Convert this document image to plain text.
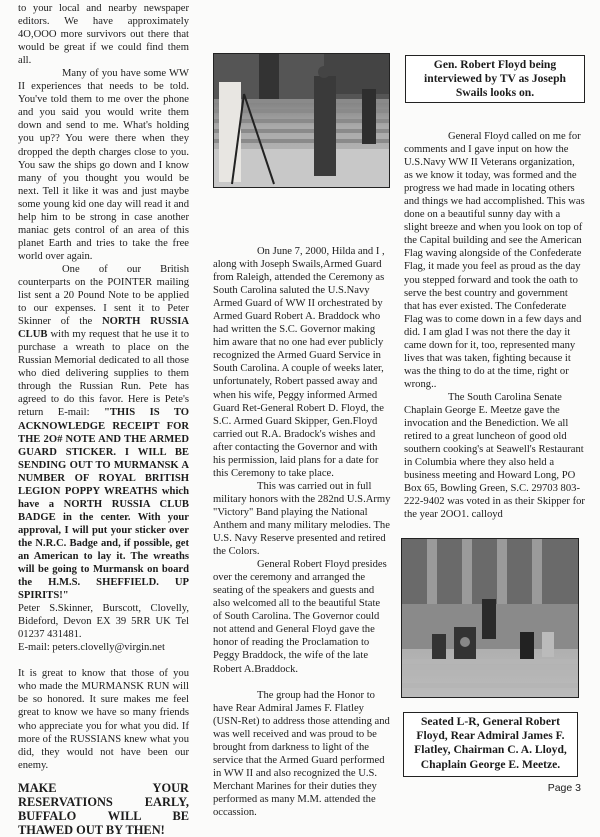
to your local and nearby newspaper editors. We have approximately 4O,OOO more survivors out there that would be great if we could find them all.

Many of you have some WW II experiences that needs to be told. You've told them to me over the phone and you said you would write them down and send to me. What's holding you up?? You were there when they dropped the depth charges close to you. You saw the ships go down and I know many of you thought you would be next. Tell it like it was and just maybe some young kid one day will read it and help him to be strong in case another maniac gets control of an area of this planet Earth and tries to take the free world over again.

One of our British counterparts on the POINTER mailing list sent a 20 Pound Note to be applied to our expenses. I sent it to Peter Skinner of the NORTH RUSSIA CLUB with my request that he use it to purchase a wreath to place on the Russian Memorial dedicated to all those who died delivering supplies to them through the Russian Run. Pete has agreed to do this favor. Here is Pete's return E-mail: "THIS IS TO ACKNOWLEDGE RECEIPT FOR THE 2O# NOTE AND THE ARMED GUARD STICKER. I WILL BE SENDING OUT TO MURMANSK A NUMBER OF ROYAL BRITISH LEGION POPPY WREATHS which have a NORTH RUSSIA CLUB BADGE in the center. With your approval, I will put your sticker over the N.R.C. Badge and, if possible, get an American to lay it. The wreaths will be going to Murmansk on board the H.M.S. SHEFFIELD. UP SPIRITS!"

Peter S.Skinner, Burscott, Clovelly, Bideford, Devon EX 39 5RR UK Tel 01237 431481.

E-mail: peters.clovelly@virgin.net

It is great to know that those of you who made the MURMANSK RUN will be so honored. It sure makes me feel great to know we have so many friends who appreciate you for what you did. If more of the RUSSIANS knew what you did, they would not have been our enemy.

MAKE YOUR RESERVATIONS EARLY, BUFFALO WILL BE THAWED OUT BY THEN!

On June 7, 2000, Hilda and I , along with Joseph Swails,Armed Guard from Raleigh, attended the Ceremony as South Carolina saluted the U.S.Navy Armed Guard of WW II orchestrated by Armed Guard Robert A. Braddock who had written the S.C. Governor making him aware that no one had ever publicly recognized the Armed Guard Service in South Carolina. A couple of weeks later, unfortunately, Robert passed away and when his wife, Peggy informed Armed Guard Ret-General Robert D. Floyd, the S.C. Armed Guard Skipper, Gen.Floyd carried out R.A. Bradock's wishes and after contacting the Governor and with his permission, laid plans for a date for this Ceremony to take place.

This was carried out in full military honors with the 282nd U.S.Army "Victory" Band playing the National Anthem and many military melodies. The U.S. Navy Reserve presented and retired the Colors.

General Robert Floyd presides over the ceremony and arranged the seating of the speakers and guests and also welcomed all to the beautiful State of South Carolina. The Governor could not attend and General Floyd gave the honor of reading the Proclamation to Peggy Braddock, the wife of the late Robert A.Braddock.

The group had the Honor to have Rear Admiral James F. Flatley (USN-Ret) to address those attending and was well received and was proud to be brought from darkness to light of the service that the Armed Guard performed in WW II and also recognized the U.S. Merchant Marines for their duties they performed as many M.M. attended the occassion.

Gen. Robert Floyd being interviewed by TV as Joseph Swails looks on.

General Floyd called on me for comments and I gave input on how the U.S.Navy WW II Veterans organization, as we know it today, was formed and the progress we had made in locating others and things we had accomplished. This was done on a beautiful sunny day with a slight breeze and when you look on top of the Capital building and see the American Flag waving alongside of the Confederate Flag, it made you feel as proud as the day you stepped forward and took the oath to serve the best country and government that has ever existed. The Confederate Flag was to come down in a few days and did. I am glad I was not there the day it came down for it, too, represented many lives that was taken, fighting because it was the thing to do at the time, right or wrong..

The South Carolina Senate Chaplain George E. Meetze gave the invocation and the Benediction. We all retired to a great luncheon of good old southern cooking's at Seawell's Restaurant in Columbia where they also held a business meeting and Howard Long, PO Box 65, Bowling Green, S.C. 29703 803-222-9402 was voted in as their Skipper for the year 2OO1. calloyd

Seated L-R, General Robert Floyd, Rear Admiral James F. Flatley, Chairman C. A. Lloyd, Chaplain George E. Meetze.
Page 3
